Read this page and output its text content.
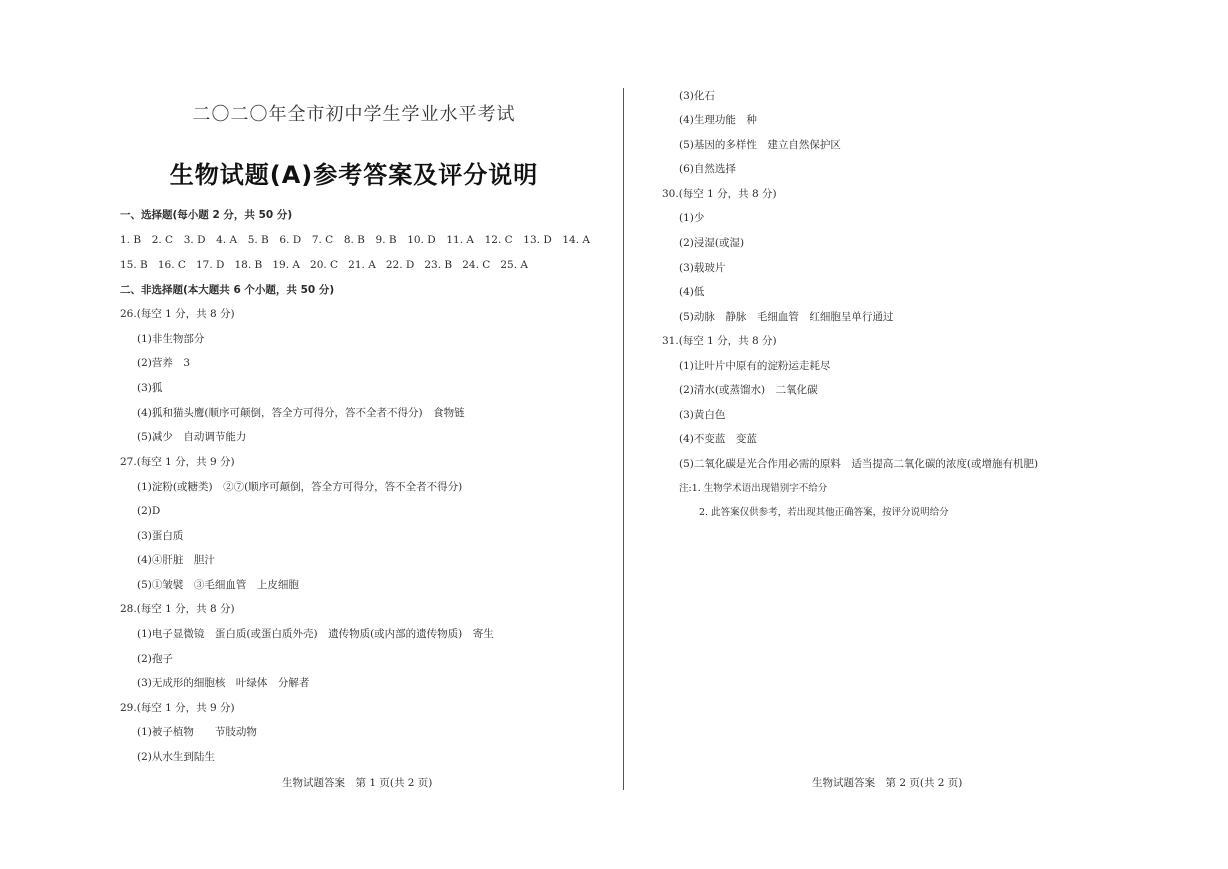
二〇二〇年全市初中学生学业水平考试
生物试题(A)参考答案及评分说明
一、选择题(每小题 2 分，共 50 分)
1. B 2. C 3. D 4. A 5. B 6. D 7. C 8. B 9. B 10. D 11. A 12. C 13. D 14. A
15. B 16. C 17. D 18. B 19. A 20. C 21. A 22. D 23. B 24. C 25. A
二、非选择题(本大题共 6 个小题，共 50 分)
26.(每空 1 分，共 8 分)
(1)非生物部分
(2)营养　3
(3)狐
(4)狐和猫头鹰(顺序可颠倒，答全方可得分，答不全者不得分)　食物链
(5)减少　自动调节能力
27.(每空 1 分，共 9 分)
(1)淀粉(或糖类)　②⑦(顺序可颠倒，答全方可得分，答不全者不得分)
(2)D
(3)蛋白质
(4)④肝脏　胆汁
(5)①皱襞　③毛细血管　上皮细胞
28.(每空 1 分，共 8 分)
(1)电子显微镜　蛋白质(或蛋白质外壳)　遗传物质(或内部的遗传物质)　寄生
(2)孢子
(3)无成形的细胞核　叶绿体　分解者
29.(每空 1 分，共 9 分)
(1)被子植物　　节肢动物
(2)从水生到陆生
生物试题答案　第 1 页(共 2 页)
(3)化石
(4)生理功能　种
(5)基因的多样性　建立自然保护区
(6)自然选择
30.(每空 1 分，共 8 分)
(1)少
(2)浸湿(或湿)
(3)载玻片
(4)低
(5)动脉　静脉　毛细血管　红细胞呈单行通过
31.(每空 1 分，共 8 分)
(1)让叶片中原有的淀粉运走耗尽
(2)清水(或蒸馏水)　二氧化碳
(3)黄白色
(4)不变蓝　变蓝
(5)二氧化碳是光合作用必需的原料　适当提高二氧化碳的浓度(或增施有机肥)
注:1. 生物学术语出现错别字不给分
2. 此答案仅供参考，若出现其他正确答案，按评分说明给分
生物试题答案　第 2 页(共 2 页)
